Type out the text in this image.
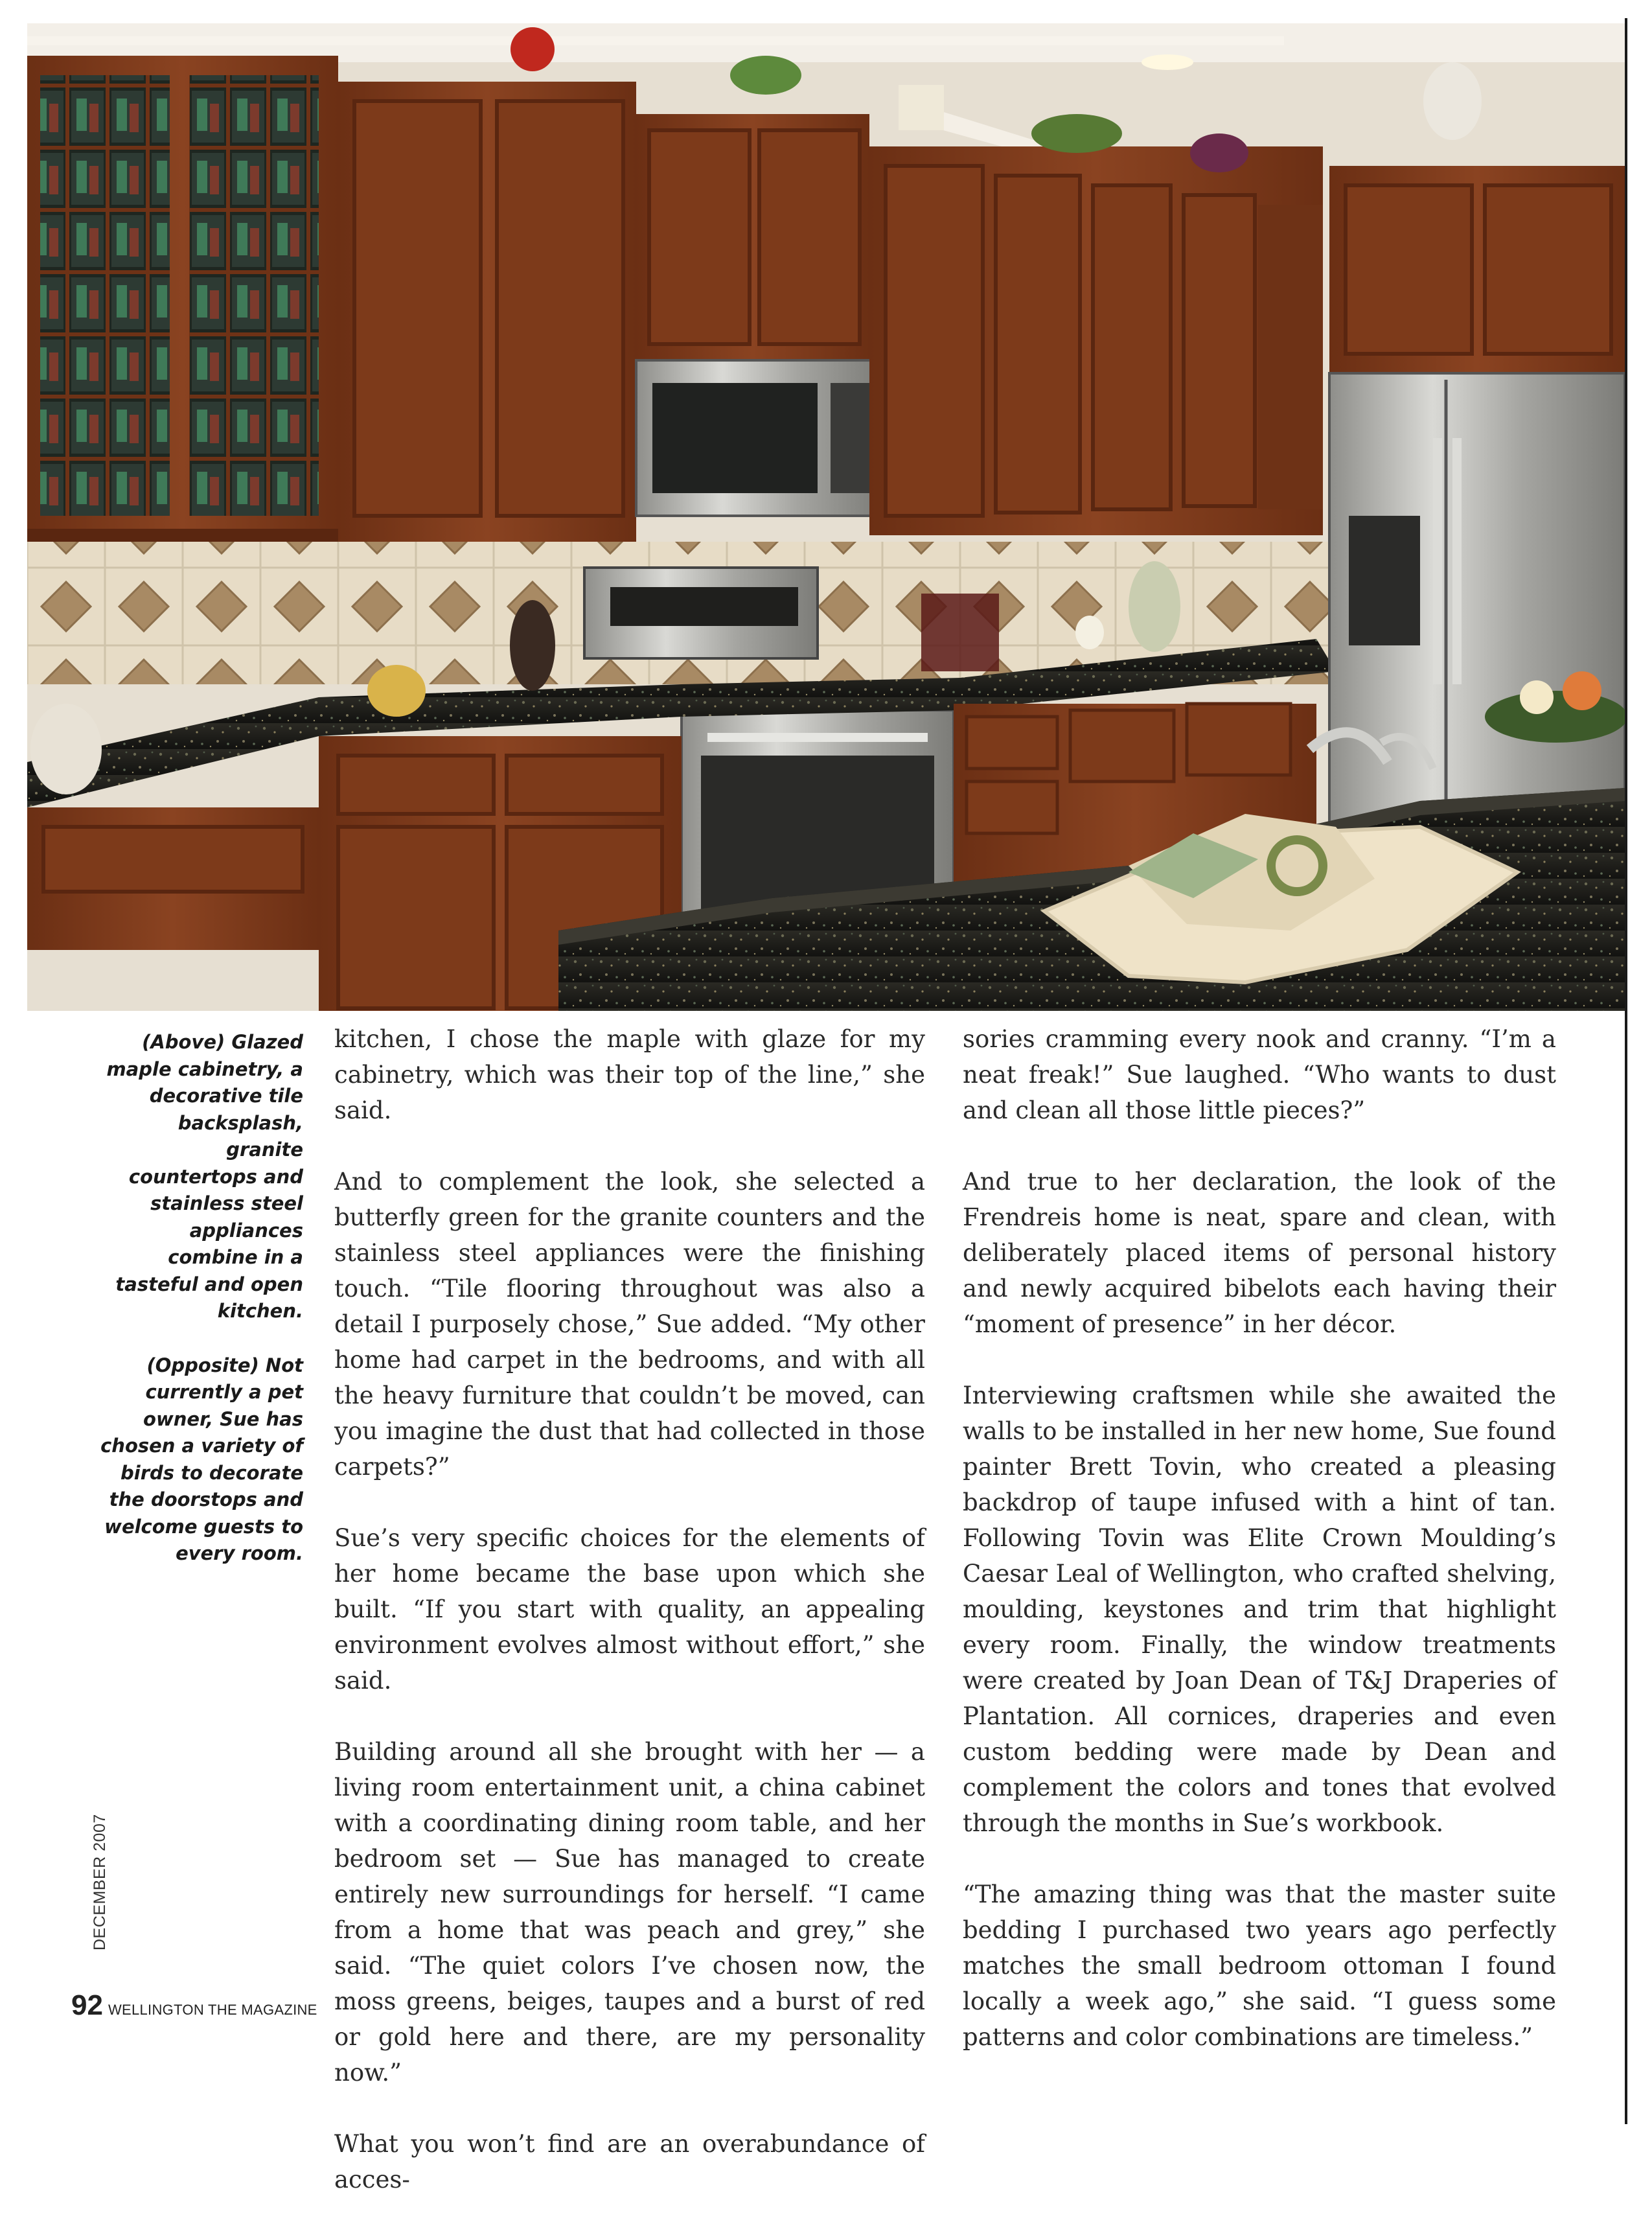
(Above) Glazed maple cabinetry, a decorative tile backsplash, granite countertops and stainless steel appliances combine in a tasteful and open kitchen.

(Opposite) Not currently a pet owner, Sue has chosen a variety of birds to decorate the doorstops and welcome guests to every room.

kitchen, I chose the maple with glaze for my cabinetry, which was their top of the line,” she said.

And to complement the look, she selected a butterfly green for the granite counters and the stainless steel appliances were the finishing touch. “Tile flooring throughout was also a detail I purposely chose,” Sue added. “My other home had carpet in the bedrooms, and with all the heavy furniture that couldn’t be moved, can you imagine the dust that had collected in those carpets?”

Sue’s very specific choices for the elements of her home became the base upon which she built. “If you start with quality, an appealing environment evolves almost without effort,” she said.

Building around all she brought with her — a living room entertainment unit, a china cabinet with a coordinating dining room table, and her bedroom set — Sue has managed to create entirely new surroundings for herself. “I came from a home that was peach and grey,” she said. “The quiet colors I’ve chosen now, the moss greens, beiges, taupes and a burst of red or gold here and there, are my personality now.”

What you won’t find are an overabundance of acces-

sories cramming every nook and cranny. “I’m a neat freak!” Sue laughed. “Who wants to dust and clean all those little pieces?”

And true to her declaration, the look of the Frendreis home is neat, spare and clean, with deliberately placed items of personal history and newly acquired bibelots each having their “moment of presence” in her décor.

Interviewing craftsmen while she awaited the walls to be installed in her new home, Sue found painter Brett Tovin, who created a pleasing backdrop of taupe infused with a hint of tan. Following Tovin was Elite Crown Moulding’s Caesar Leal of Wellington, who crafted shelving, moulding, keystones and trim that highlight every room. Finally, the window treatments were created by Joan Dean of T&J Draperies of Plantation. All cornices, draperies and even custom bedding were made by Dean and complement the colors and tones that evolved through the months in Sue’s workbook.

“The amazing thing was that the master suite bedding I purchased two years ago perfectly matches the small bedroom ottoman I found locally a week ago,” she said. “I guess some patterns and color combinations are timeless.”

DECEMBER 2007
92 WELLINGTON THE MAGAZINE
